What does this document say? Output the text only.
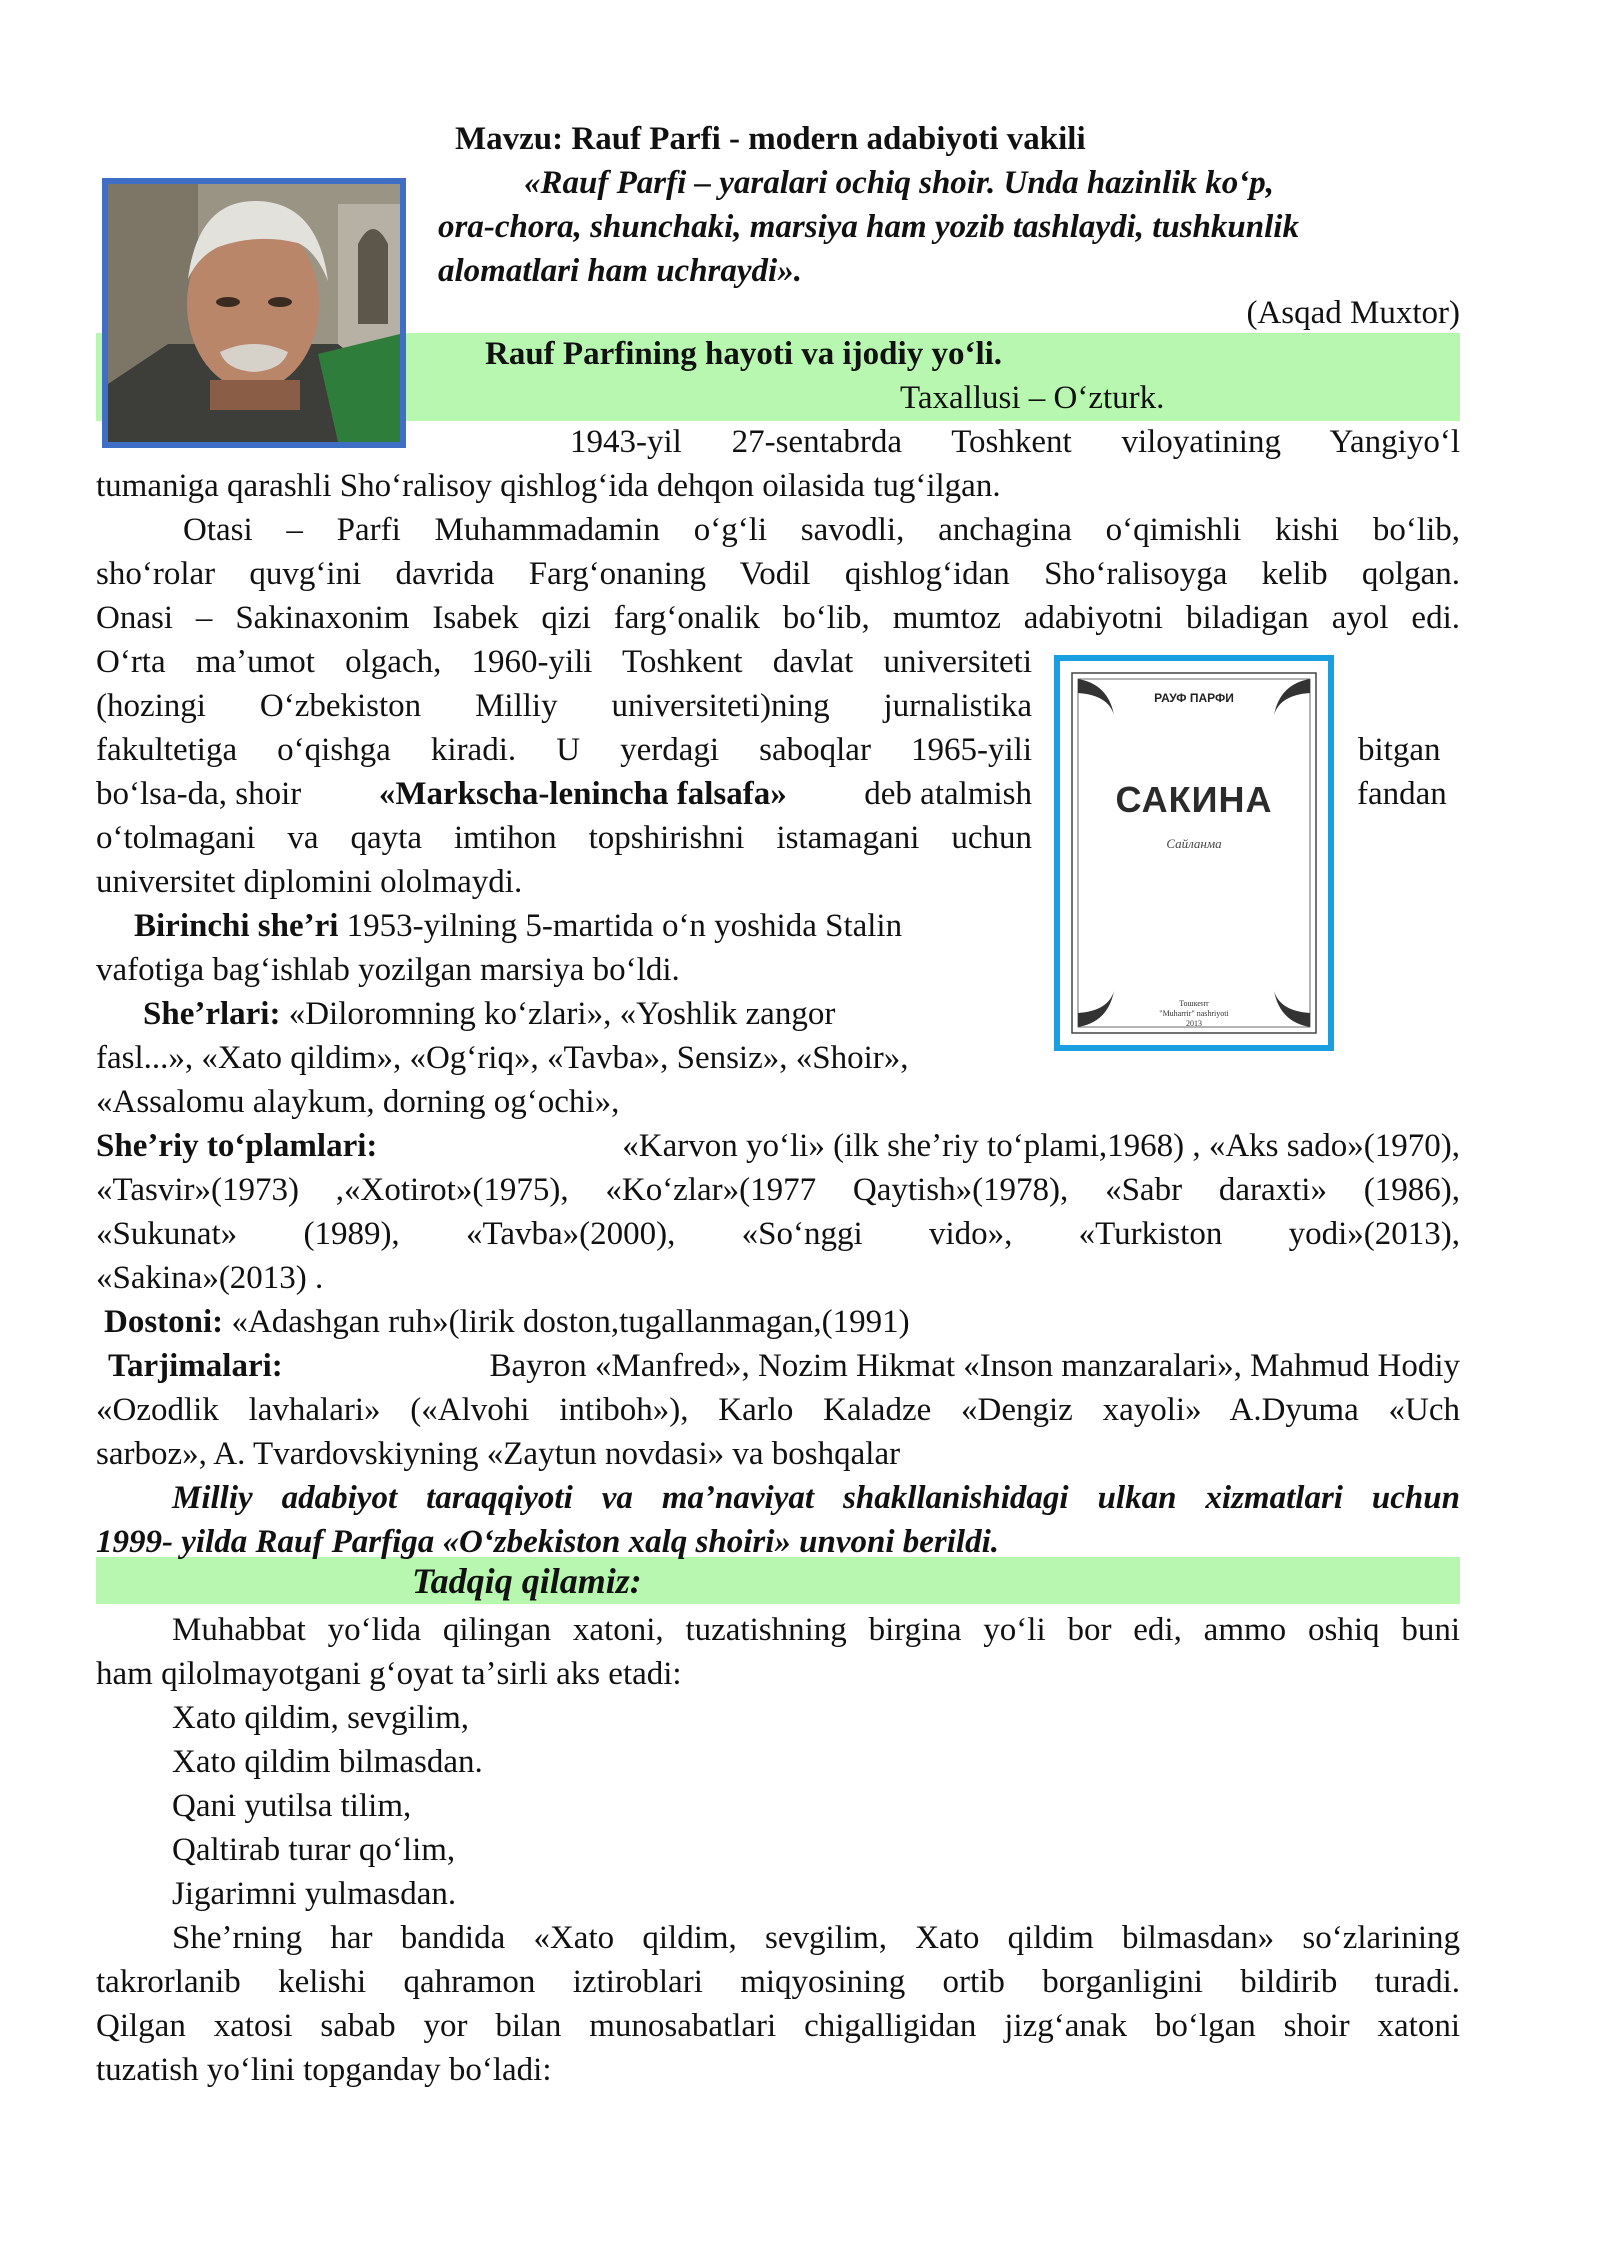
Mavzu: Rauf Parfi - modern adabiyoti vakili
«Rauf Parfi – yaralari ochiq shoir. Unda hazinlik koʻp,
ora-chora, shunchaki, marsiya ham yozib tashlaydi, tushkunlik
alomatlari ham uchraydi».
(Asqad Muxtor)
Rauf Parfining hayoti va ijodiy yoʻli.
Taxallusi – Oʻzturk.
1943-yil 27-sentabrda Toshkent viloyatining Yangiyoʻl
tumaniga qarashli Shoʻralisoy qishlogʻida dehqon oilasida tugʻilgan.
Otasi – Parfi Muhammadamin oʻgʻli savodli, anchagina oʻqimishli kishi boʻlib,
shoʻrolar quvgʻini davrida Fargʻonaning Vodil qishlogʻidan Shoʻralisoyga kelib qolgan.
Onasi – Sakinaxonim Isabek qizi fargʻonalik boʻlib, mumtoz adabiyotni biladigan ayol edi.
Oʻrta maʼumot olgach, 1960-yili Toshkent davlat universiteti
(hozingi Oʻzbekiston Milliy universiteti)ning jurnalistika
fakultetiga oʻqishga kiradi. U yerdagi saboqlar 1965-yili	bitgan
boʻlsa-da, shoir «Markscha-lenincha falsafa» deb atalmish	fandan
oʻtolmagani va qayta imtihon topshirishni istamagani uchun
universitet diplomini ololmaydi.
РАУФ ПАРФИ
САКИНА
Сайланма
Тошкент
"Muharrir" nashriyoti
2013
Birinchi sheʼri 1953-yilning 5-martida oʻn yoshida Stalin
vafotiga bagʻishlab yozilgan marsiya boʻldi.
Sheʼrlari: «Diloromning koʻzlari», «Yoshlik zangor
fasl...», «Xato qildim», «Ogʻriq», «Tavba», Sensiz», «Shoir»,
«Assalomu alaykum, dorning ogʻochi»,
Sheʼriy toʻplamlari:	«Karvon yoʻli» (ilk sheʼriy toʻplami,1968) , «Aks sado»(1970),
«Tasvir»(1973) ,«Xotirot»(1975), «Koʻzlar»(1977 Qaytish»(1978), «Sabr daraxti» (1986),
«Sukunat» (1989), «Tavba»(2000), «Soʻnggi vido», «Turkiston yodi»(2013),
«Sakina»(2013) .
Dostoni: «Adashgan ruh»(lirik doston,tugallanmagan,(1991)
Tarjimalari:	Bayron «Manfred», Nozim Hikmat «Inson manzaralari», Mahmud Hodiy
«Ozodlik lavhalari» («Alvohi intiboh»), Karlo Kaladze «Dengiz xayoli» A.Dyuma «Uch
sarboz», A. Tvardovskiyning «Zaytun novdasi» va boshqalar
Milliy adabiyot taraqqiyoti va maʼnaviyat shakllanishidagi ulkan xizmatlari uchun
1999- yilda Rauf Parfiga «Oʻzbekiston xalq shoiri» unvoni berildi.
Tadqiq qilamiz:
Muhabbat yoʻlida qilingan xatoni, tuzatishning birgina yoʻli bor edi, ammo oshiq buni
ham qilolmayotgani gʻoyat taʼsirli aks etadi:
Xato qildim, sevgilim,
Xato qildim bilmasdan.
Qani yutilsa tilim,
Qaltirab turar qoʻlim,
Jigarimni yulmasdan.
Sheʼrning har bandida «Xato qildim, sevgilim, Xato qildim bilmasdan» soʻzlarining
takrorlanib kelishi qahramon iztiroblari miqyosining ortib borganligini bildirib turadi.
Qilgan xatosi sabab yor bilan munosabatlari chigalligidan jizgʻanak boʻlgan shoir xatoni
tuzatish yoʻlini topganday boʻladi:
